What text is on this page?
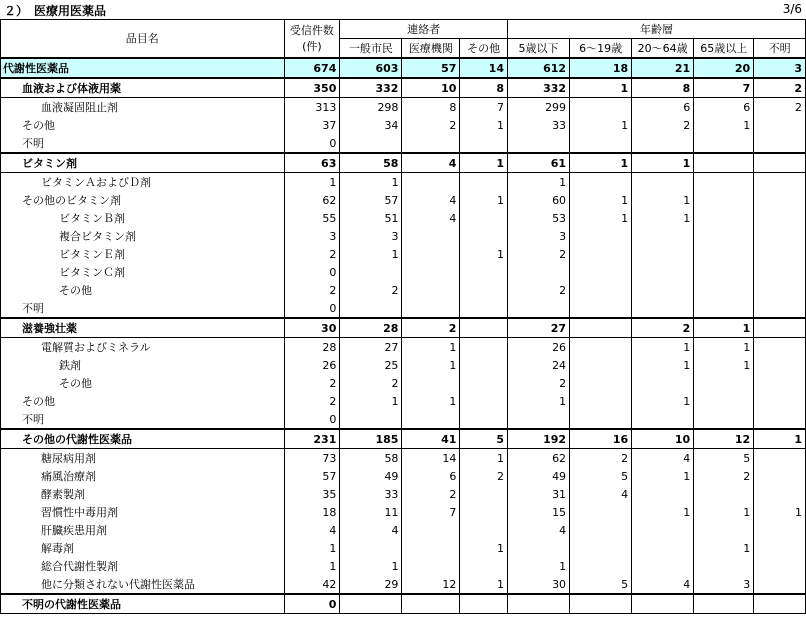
２）　医療用医薬品	3/6
品目名	受信件数
(件)	連絡者			年齢層				
		一般市民	医療機関	その他	5歳以下	6～19歳	20～64歳	65歳以上	不明
代謝性医薬品	674	603	57	14	612	18	21	20	3
血液および体液用薬	350	332	10	8	332	1	8	7	2
血液凝固阻止剤	313	298	8	7	299		6	6	2
その他	37	34	2	1	33	1	2	1	
不明	0								
ビタミン剤	63	58	4	1	61	1	1		
ビタミンＡおよびＤ剤	1	1			1				
その他のビタミン剤	62	57	4	1	60	1	1		
ビタミンＢ剤	55	51	4		53	1	1		
複合ビタミン剤	3	3			3				
ビタミンＥ剤	2	1		1	2				
ビタミンＣ剤	0								
その他	2	2			2				
不明	0								
滋養強壮薬	30	28	2		27		2	1	
電解質およびミネラル	28	27	1		26		1	1	
鉄剤	26	25	1		24		1	1	
その他	2	2			2				
その他	2	1	1		1		1		
不明	0								
その他の代謝性医薬品	231	185	41	5	192	16	10	12	1
糖尿病用剤	73	58	14	1	62	2	4	5	
痛風治療剤	57	49	6	2	49	5	1	2	
酵素製剤	35	33	2		31	4			
習慣性中毒用剤	18	11	7		15		1	1	1
肝臓疾患用剤	4	4			4				
解毒剤	1			1				1	
総合代謝性製剤	1	1			1				
他に分類されない代謝性医薬品	42	29	12	1	30	5	4	3	
不明の代謝性医薬品	0								
